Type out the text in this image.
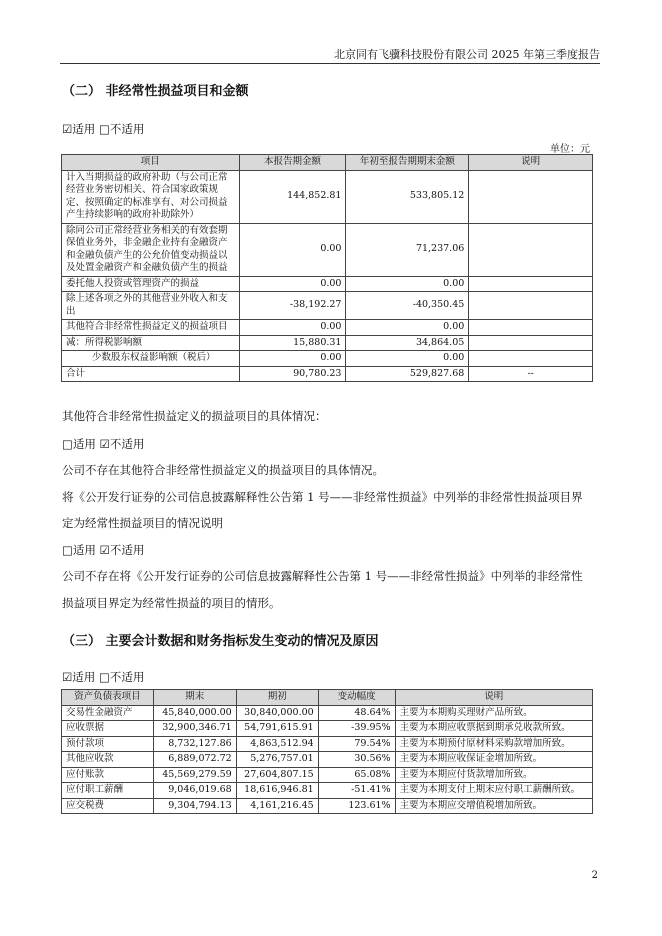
北京同有飞骥科技股份有限公司 2025 年第三季度报告
（二） 非经常性损益项目和金额
☑适用 □不适用
单位：元
项目	本报告期金额	年初至报告期期末金额	说明
计入当期损益的政府补助（与公司正常经营业务密切相关、符合国家政策规定、按照确定的标准享有、对公司损益产生持续影响的政府补助除外）	144,852.81	533,805.12	
除同公司正常经营业务相关的有效套期保值业务外，非金融企业持有金融资产和金融负债产生的公允价值变动损益以及处置金融资产和金融负债产生的损益	0.00	71,237.06	
委托他人投资或管理资产的损益	0.00	0.00	
除上述各项之外的其他营业外收入和支出	-38,192.27	-40,350.45	
其他符合非经常性损益定义的损益项目	0.00	0.00	
减：所得税影响额	15,880.31	34,864.05	
少数股东权益影响额（税后）	0.00	0.00	
合计	90,780.23	529,827.68	--
其他符合非经常性损益定义的损益项目的具体情况：
□适用 ☑不适用
公司不存在其他符合非经常性损益定义的损益项目的具体情况。
将《公开发行证券的公司信息披露解释性公告第 1 号——非经常性损益》中列举的非经常性损益项目界
定为经常性损益项目的情况说明
□适用 ☑不适用
公司不存在将《公开发行证券的公司信息披露解释性公告第 1 号——非经常性损益》中列举的非经常性
损益项目界定为经常性损益的项目的情形。
（三） 主要会计数据和财务指标发生变动的情况及原因
☑适用 □不适用
资产负债表项目	期末	期初	变动幅度	说明
交易性金融资产	45,840,000.00	30,840,000.00	48.64%	主要为本期购买理财产品所致。
应收票据	32,900,346.71	54,791,615.91	-39.95%	主要为本期应收票据到期承兑收款所致。
预付款项	8,732,127.86	4,863,512.94	79.54%	主要为本期预付原材料采购款增加所致。
其他应收款	6,889,072.72	5,276,757.01	30.56%	主要为本期应收保证金增加所致。
应付账款	45,569,279.59	27,604,807.15	65.08%	主要为本期应付货款增加所致。
应付职工薪酬	9,046,019.68	18,616,946.81	-51.41%	主要为本期支付上期末应付职工薪酬所致。
应交税费	9,304,794.13	4,161,216.45	123.61%	主要为本期应交增值税增加所致。
2
